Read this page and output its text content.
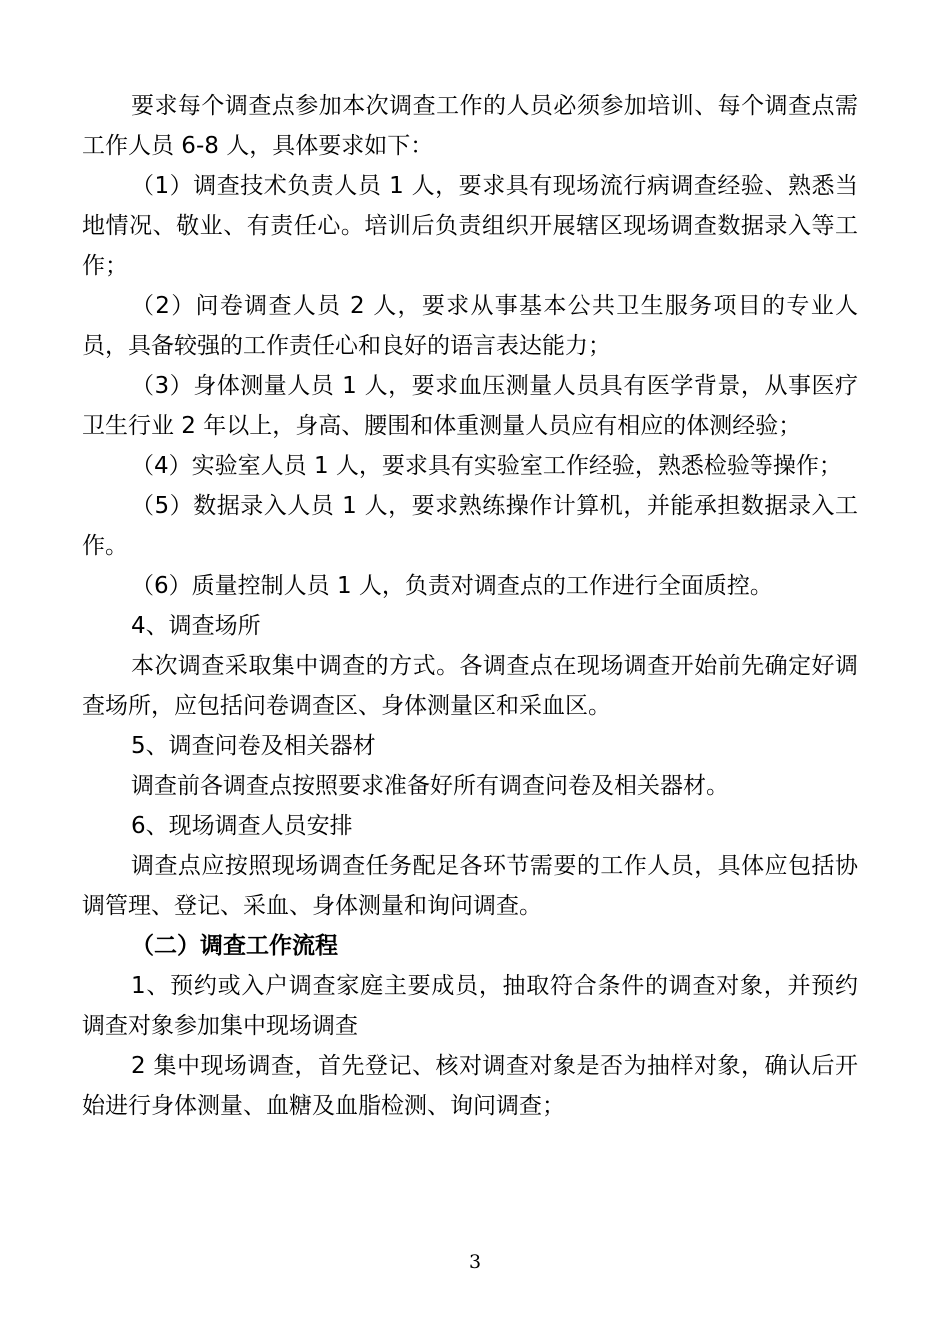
要求每个调查点参加本次调查工作的人员必须参加培训、每个调查点需工作人员 6-8 人，具体要求如下：

（1）调查技术负责人员 1 人，要求具有现场流行病调查经验、熟悉当地情况、敬业、有责任心。培训后负责组织开展辖区现场调查数据录入等工作；

（2）问卷调查人员 2 人，要求从事基本公共卫生服务项目的专业人员，具备较强的工作责任心和良好的语言表达能力；

（3）身体测量人员 1 人，要求血压测量人员具有医学背景，从事医疗卫生行业 2 年以上，身高、腰围和体重测量人员应有相应的体测经验；

（4）实验室人员 1 人，要求具有实验室工作经验，熟悉检验等操作；

（5）数据录入人员 1 人，要求熟练操作计算机，并能承担数据录入工作。

（6）质量控制人员 1 人，负责对调查点的工作进行全面质控。

4、调查场所

本次调查采取集中调查的方式。各调查点在现场调查开始前先确定好调查场所，应包括问卷调查区、身体测量区和采血区。

5、调查问卷及相关器材

调查前各调查点按照要求准备好所有调查问卷及相关器材。

6、现场调查人员安排

调查点应按照现场调查任务配足各环节需要的工作人员，具体应包括协调管理、登记、采血、身体测量和询问调查。

（二）调查工作流程

1、预约或入户调查家庭主要成员，抽取符合条件的调查对象，并预约调查对象参加集中现场调查

2 集中现场调查，首先登记、核对调查对象是否为抽样对象，确认后开始进行身体测量、血糖及血脂检测、询问调查；

3
